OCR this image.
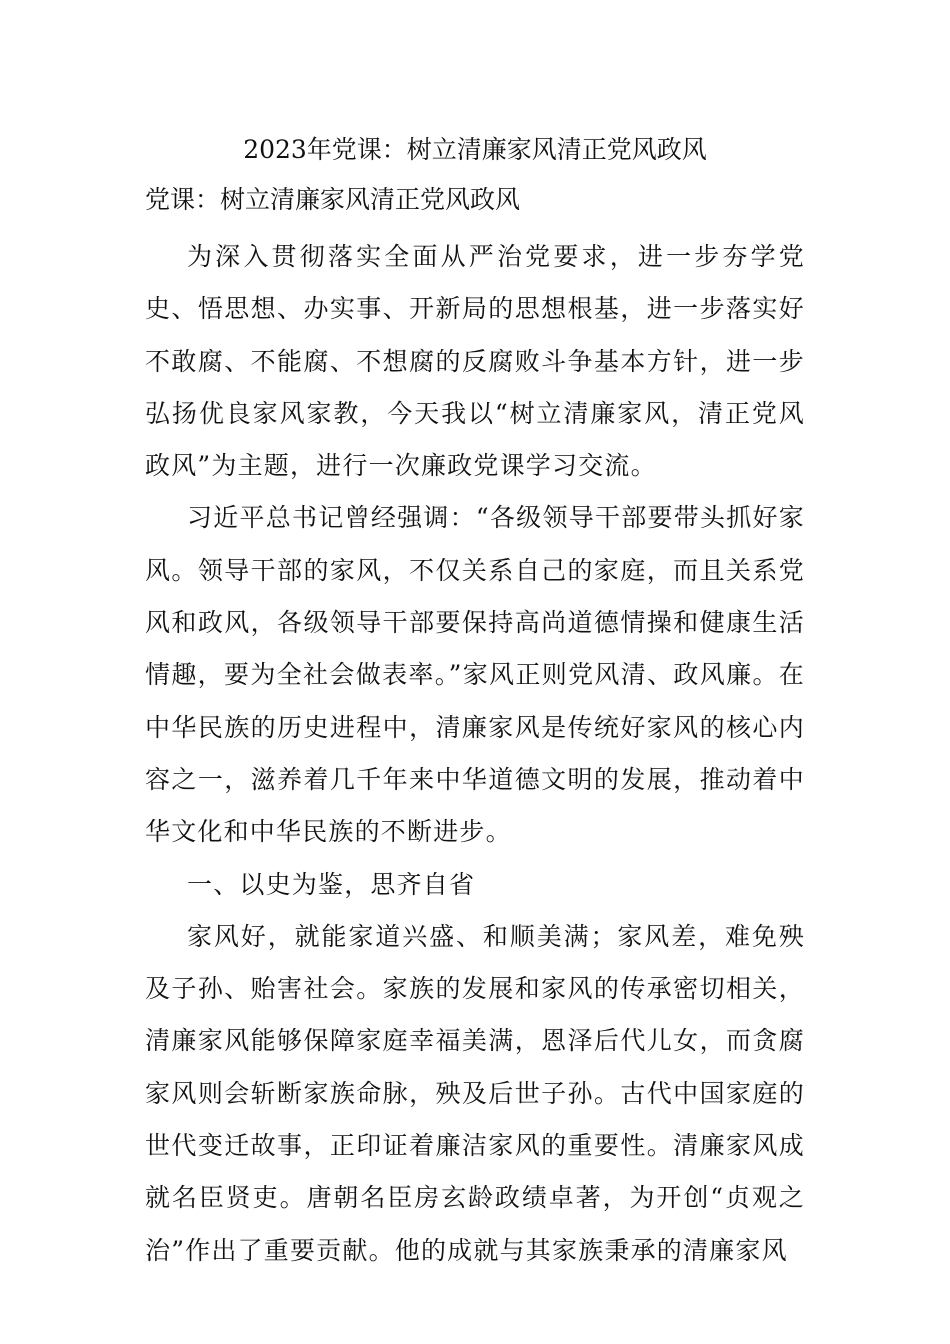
2023年党课：树立清廉家风清正党风政风
党课：树立清廉家风清正党风政风

为深入贯彻落实全面从严治党要求，进一步夯学党史、悟思想、办实事、开新局的思想根基，进一步落实好不敢腐、不能腐、不想腐的反腐败斗争基本方针，进一步弘扬优良家风家教，今天我以“树立清廉家风，清正党风政风”为主题，进行一次廉政党课学习交流。

习近平总书记曾经强调：“各级领导干部要带头抓好家风。领导干部的家风，不仅关系自己的家庭，而且关系党风和政风，各级领导干部要保持高尚道德情操和健康生活情趣，要为全社会做表率。”家风正则党风清、政风廉。在中华民族的历史进程中，清廉家风是传统好家风的核心内容之一，滋养着几千年来中华道德文明的发展，推动着中华文化和中华民族的不断进步。

一、以史为鉴，思齐自省

家风好，就能家道兴盛、和顺美满；家风差，难免殃及子孙、贻害社会。家族的发展和家风的传承密切相关，清廉家风能够保障家庭幸福美满，恩泽后代儿女，而贪腐家风则会斩断家族命脉，殃及后世子孙。古代中国家庭的世代变迁故事，正印证着廉洁家风的重要性。清廉家风成就名臣贤吏。唐朝名臣房玄龄政绩卓著，为开创“贞观之治”作出了重要贡献。他的成就与其家族秉承的清廉家风
